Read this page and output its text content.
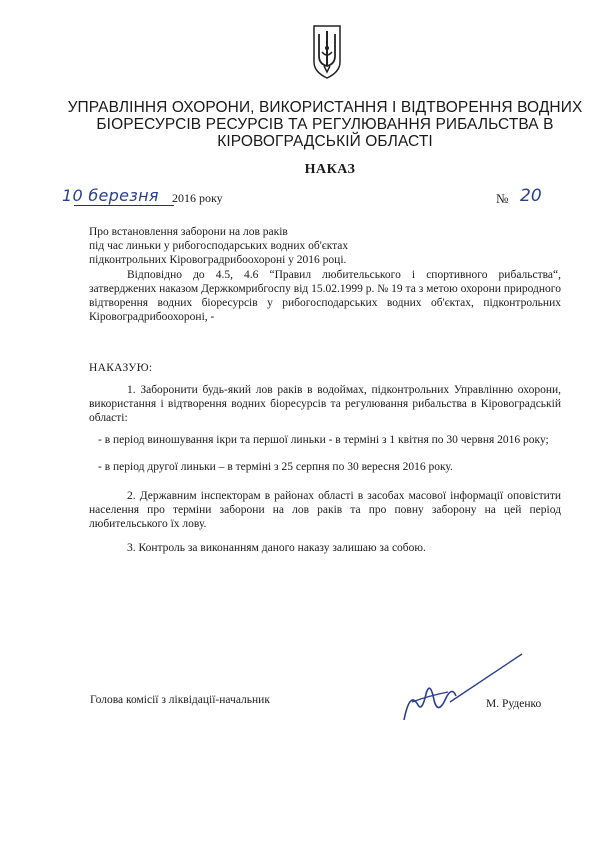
УПРАВЛІННЯ ОХОРОНИ, ВИКОРИСТАННЯ І ВІДТВОРЕННЯ ВОДНИХ
БІОРЕСУРСІВ РЕСУРСІВ ТА РЕГУЛЮВАННЯ РИБАЛЬСТВА В
КІРОВОГРАДСЬКІЙ ОБЛАСТІ
НАКАЗ
10 березня 2016 року	№ 20
Про встановлення заборони на лов раків
під час линьки у рибогосподарських водних об'єктах
підконтрольних Кіровоградрибоохороні у 2016 році.
Відповідно до 4.5, 4.6 “Правил любительського і спортивного рибальства“, затверджених наказом Держкомрибгоспу від 15.02.1999 р. № 19 та з метою охорони природного відтворення водних біоресурсів у рибогосподарських водних об'єктах, підконтрольних Кіровоградрибоохороні, -
НАКАЗУЮ:
1. Заборонити будь-який лов раків в водоймах, підконтрольних Управлінню охорони, використання і відтворення водних біоресурсів та регулювання рибальства в Кіровоградській області:
- в період виношування ікри та першої линьки - в терміні з 1 квітня по 30 червня 2016 року;
- в період другої линьки – в терміні з 25 серпня по 30 вересня 2016 року.
2. Державним інспекторам в районах області в засобах масової інформації оповістити населення про терміни заборони на лов раків та про повну заборону на цей період любительського їх лову.
3. Контроль за виконанням даного наказу залишаю за собою.
Голова комісії з ліквідації-начальник	М. Руденко
